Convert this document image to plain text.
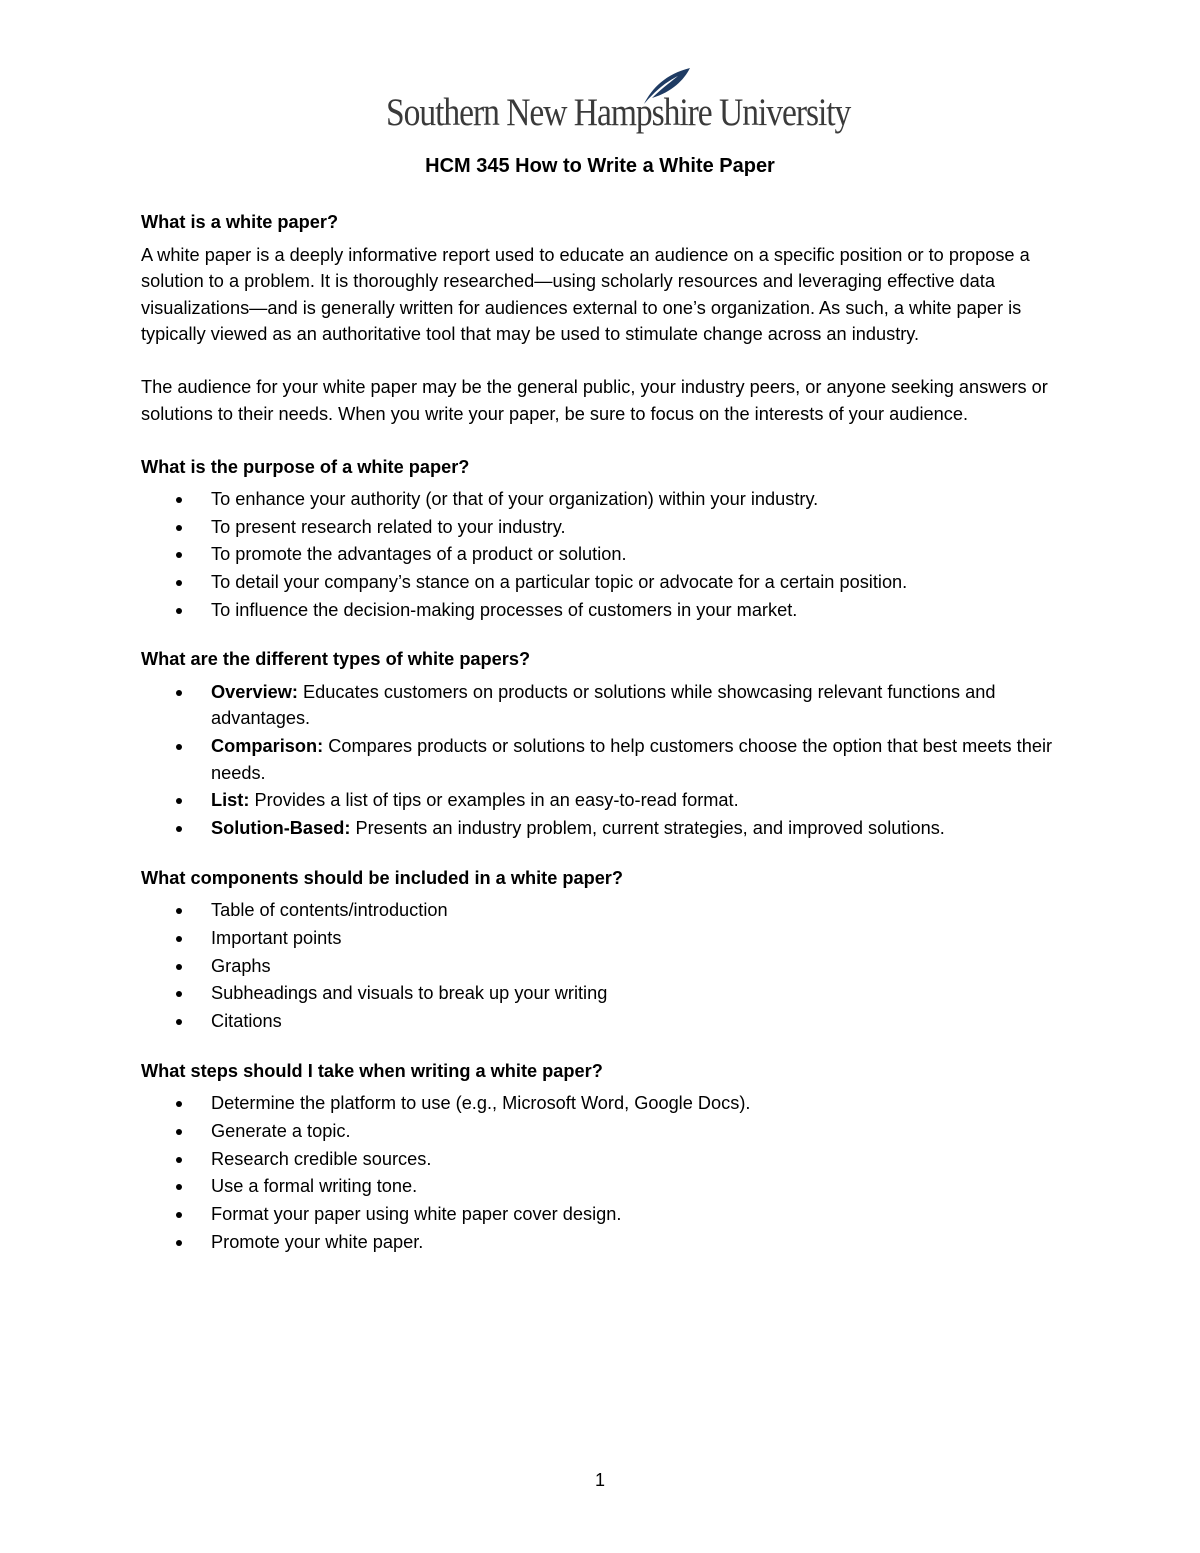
Southern New Hampshire University
HCM 345 How to Write a White Paper
What is a white paper?

A white paper is a deeply informative report used to educate an audience on a specific position or to propose a solution to a problem. It is thoroughly researched—using scholarly resources and leveraging effective data visualizations—and is generally written for audiences external to one’s organization. As such, a white paper is typically viewed as an authoritative tool that may be used to stimulate change across an industry.

The audience for your white paper may be the general public, your industry peers, or anyone seeking answers or solutions to their needs. When you write your paper, be sure to focus on the interests of your audience.

What is the purpose of a white paper?
To enhance your authority (or that of your organization) within your industry.
To present research related to your industry.
To promote the advantages of a product or solution.
To detail your company’s stance on a particular topic or advocate for a certain position.
To influence the decision-making processes of customers in your market.
What are the different types of white papers?
Overview: Educates customers on products or solutions while showcasing relevant functions and advantages.
Comparison: Compares products or solutions to help customers choose the option that best meets their needs.
List: Provides a list of tips or examples in an easy-to-read format.
Solution-Based: Presents an industry problem, current strategies, and improved solutions.
What components should be included in a white paper?
Table of contents/introduction
Important points
Graphs
Subheadings and visuals to break up your writing
Citations
What steps should I take when writing a white paper?
Determine the platform to use (e.g., Microsoft Word, Google Docs).
Generate a topic.
Research credible sources.
Use a formal writing tone.
Format your paper using white paper cover design.
Promote your white paper.
1
